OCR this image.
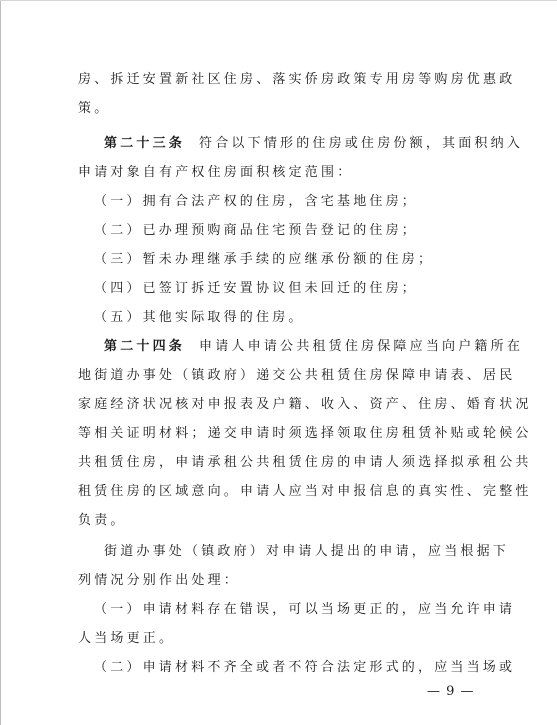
房、拆迁安置新社区住房、落实侨房政策专用房等购房优惠政
策。
第二十三条 符合以下情形的住房或住房份额，其面积纳入
申请对象自有产权住房面积核定范围：
（一）拥有合法产权的住房，含宅基地住房；
（二）已办理预购商品住宅预告登记的住房；
（三）暂未办理继承手续的应继承份额的住房；
（四）已签订拆迁安置协议但未回迁的住房；
（五）其他实际取得的住房。
第二十四条 申请人申请公共租赁住房保障应当向户籍所在
地街道办事处（镇政府）递交公共租赁住房保障申请表、居民
家庭经济状况核对申报表及户籍、收入、资产、住房、婚育状况
等相关证明材料；递交申请时须选择领取住房租赁补贴或轮候公
共租赁住房，申请承租公共租赁住房的申请人须选择拟承租公共
租赁住房的区域意向。申请人应当对申报信息的真实性、完整性
负责。
街道办事处（镇政府）对申请人提出的申请，应当根据下
列情况分别作出处理：
（一）申请材料存在错误，可以当场更正的，应当允许申请
人当场更正。
（二）申请材料不齐全或者不符合法定形式的，应当当场或
— 9 —
